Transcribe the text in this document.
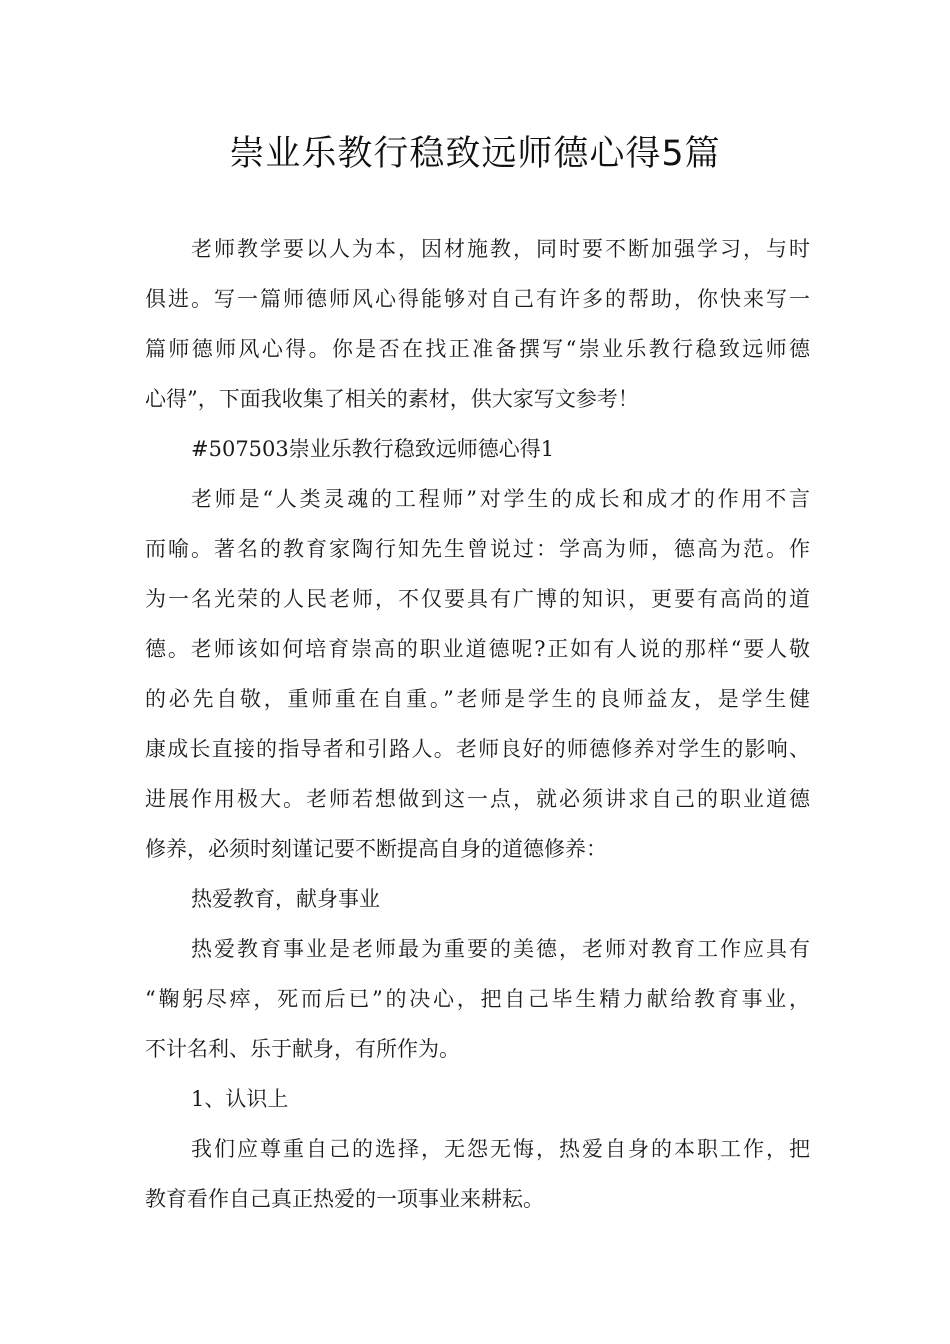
崇业乐教行稳致远师德心得5篇
老师教学要以人为本，因材施教，同时要不断加强学习，与时
俱进。写一篇师德师风心得能够对自己有许多的帮助，你快来写一
篇师德师风心得。你是否在找正准备撰写“崇业乐教行稳致远师德
心得”，下面我收集了相关的素材，供大家写文参考！
#507503崇业乐教行稳致远师德心得1
老师是“人类灵魂的工程师”对学生的成长和成才的作用不言
而喻。著名的教育家陶行知先生曾说过：学高为师，德高为范。作
为一名光荣的人民老师，不仅要具有广博的知识，更要有高尚的道
德。老师该如何培育崇高的职业道德呢?正如有人说的那样“要人敬
的必先自敬，重师重在自重。”老师是学生的良师益友，是学生健
康成长直接的指导者和引路人。老师良好的师德修养对学生的影响、
进展作用极大。老师若想做到这一点，就必须讲求自己的职业道德
修养，必须时刻谨记要不断提高自身的道德修养：
热爱教育，献身事业
热爱教育事业是老师最为重要的美德，老师对教育工作应具有
“鞠躬尽瘁，死而后已”的决心，把自己毕生精力献给教育事业，
不计名利、乐于献身，有所作为。
1、认识上
我们应尊重自己的选择，无怨无悔，热爱自身的本职工作，把
教育看作自己真正热爱的一项事业来耕耘。
